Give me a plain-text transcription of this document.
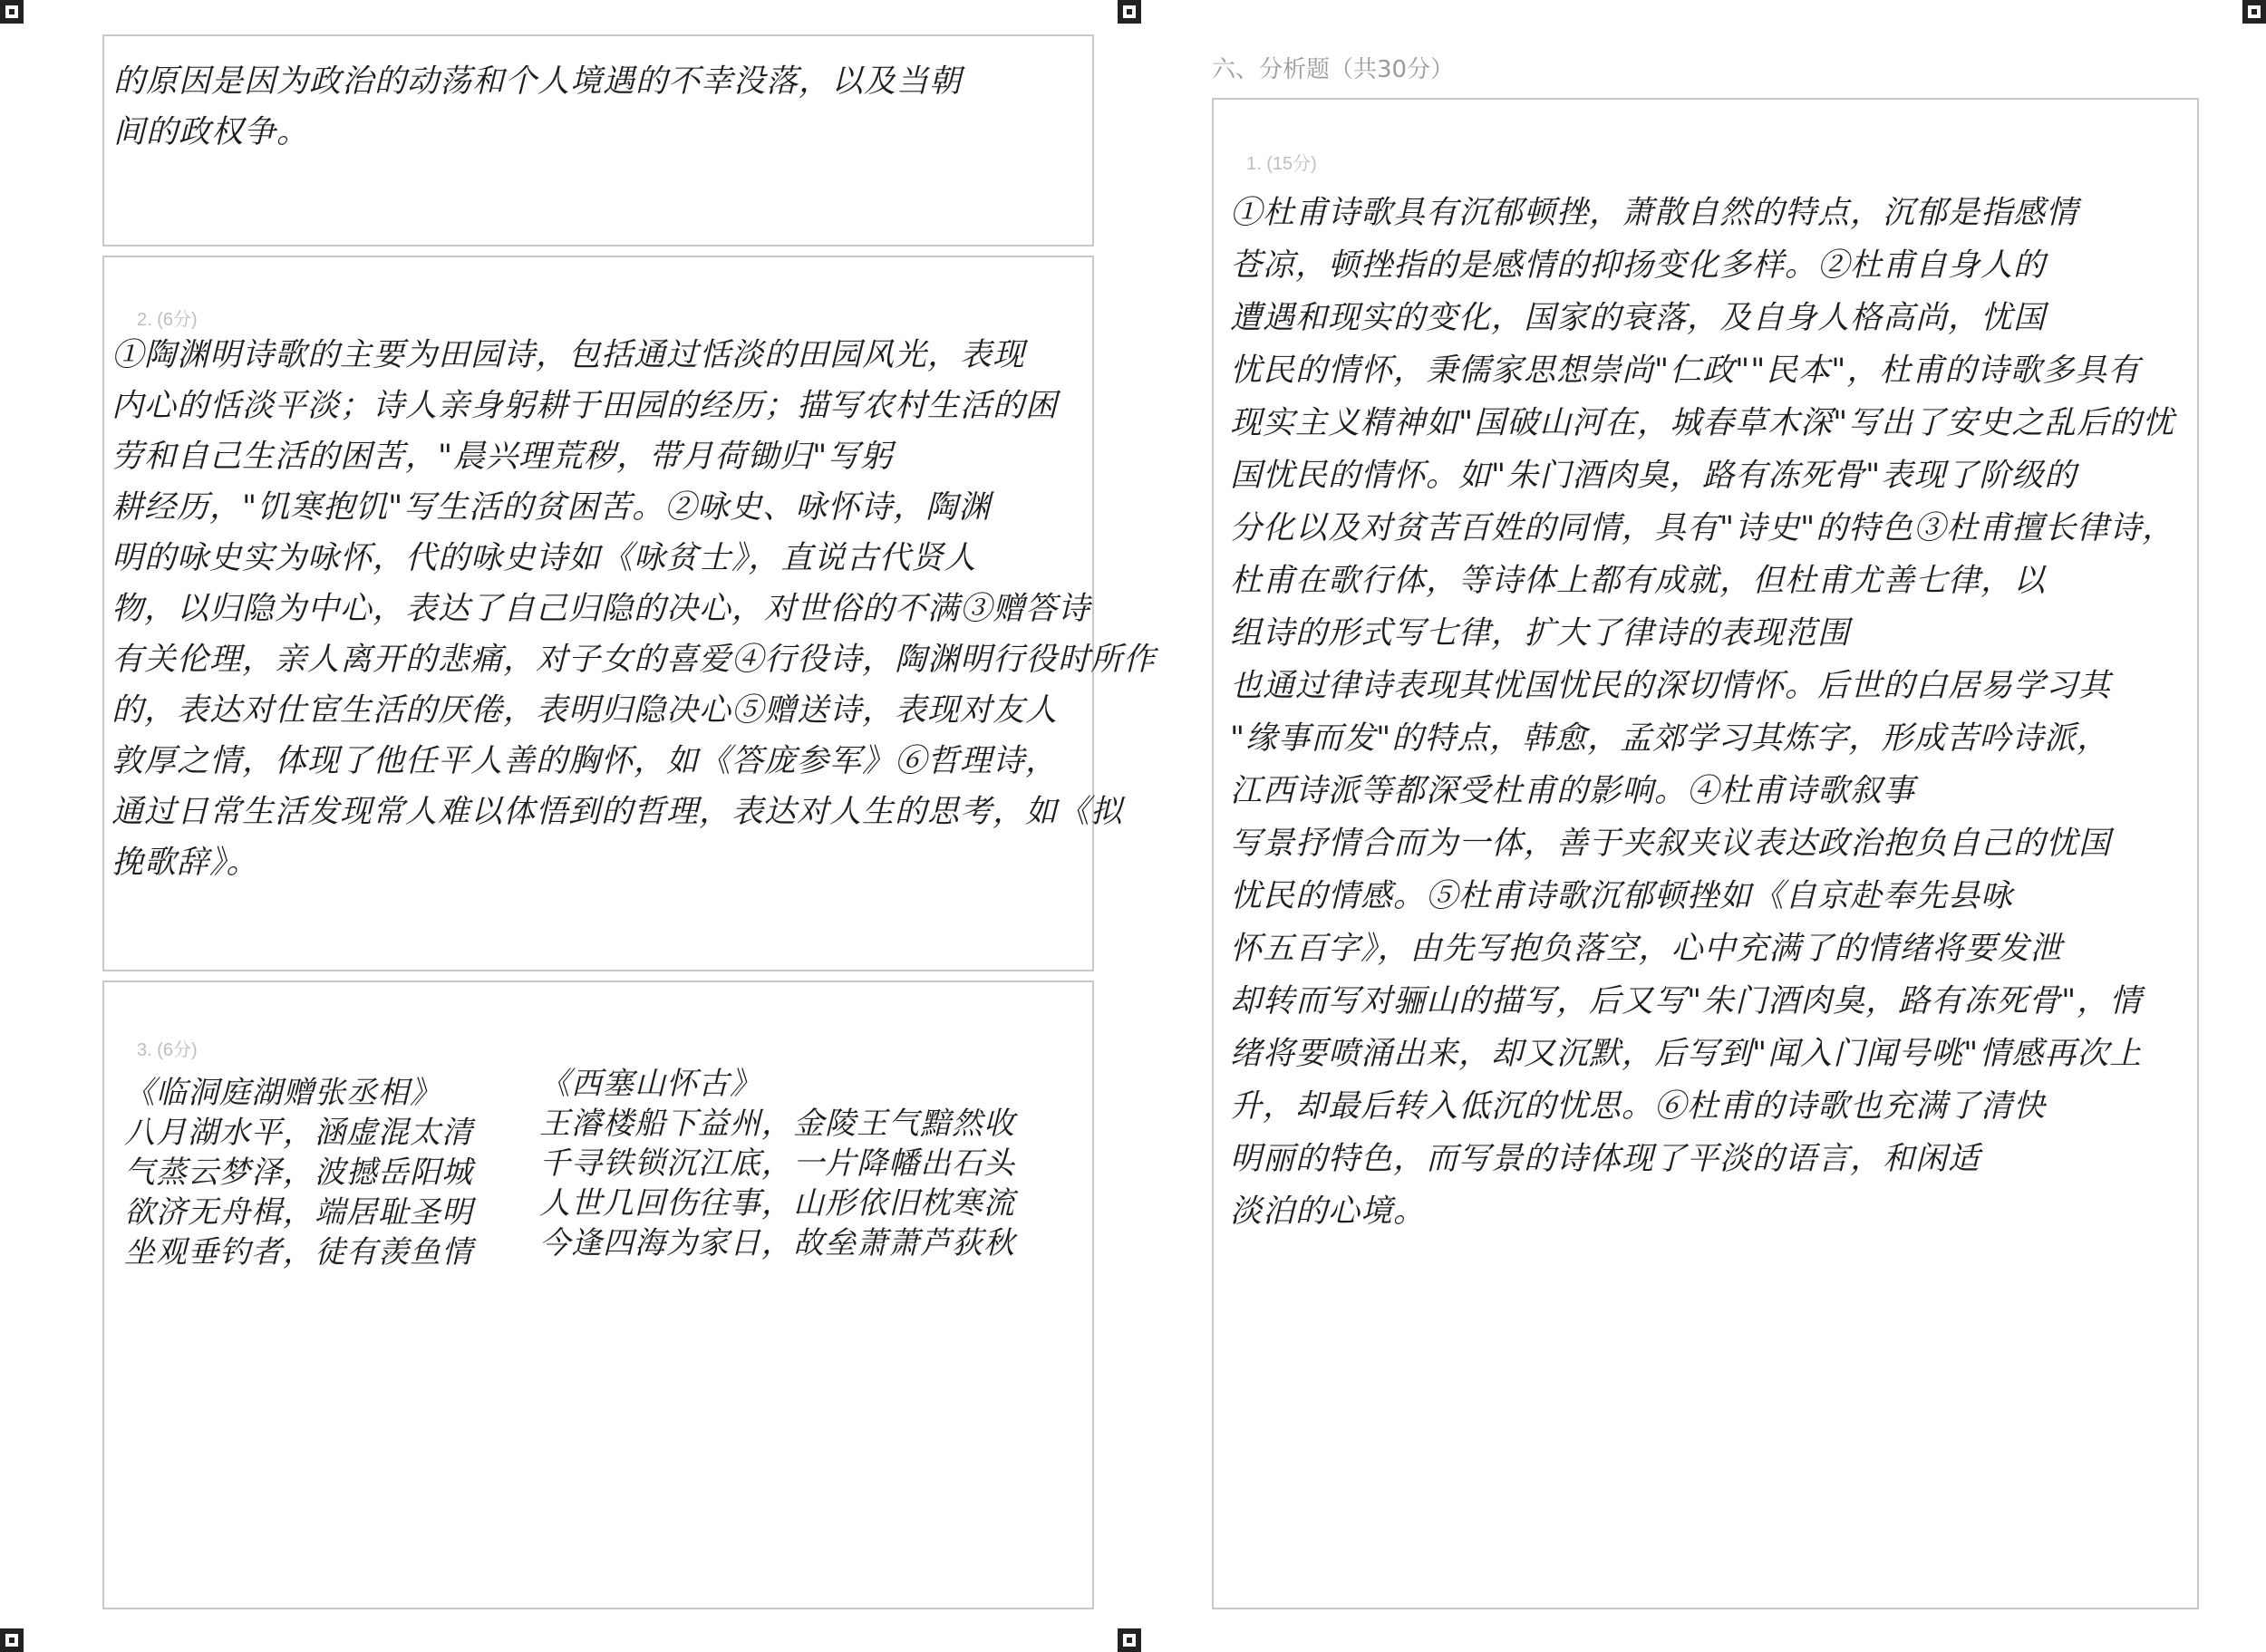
的原因是因为政治的动荡和个人境遇的不幸没落，以及当朝
间的政权争。
2. (6分)
①陶渊明诗歌的主要为田园诗，包括通过恬淡的田园风光，表现
内心的恬淡平淡；诗人亲身躬耕于田园的经历；描写农村生活的困
劳和自己生活的困苦，"晨兴理荒秽，带月荷锄归"写躬
耕经历，"饥寒抱饥"写生活的贫困苦。②咏史、咏怀诗，陶渊
明的咏史实为咏怀，代的咏史诗如《咏贫士》，直说古代贤人
物，以归隐为中心，表达了自己归隐的决心，对世俗的不满③赠答诗
有关伦理，亲人离开的悲痛，对子女的喜爱④行役诗，陶渊明行役时所作
的，表达对仕宦生活的厌倦，表明归隐决心⑤赠送诗，表现对友人
敦厚之情，体现了他任平人善的胸怀，如《答庞参军》⑥哲理诗，
通过日常生活发现常人难以体悟到的哲理，表达对人生的思考，如《拟
挽歌辞》。
3. (6分)
《临洞庭湖赠张丞相》
八月湖水平，涵虚混太清
气蒸云梦泽，波撼岳阳城
欲济无舟楫，端居耻圣明
坐观垂钓者，徒有羡鱼情
《西塞山怀古》
王濬楼船下益州，金陵王气黯然收
千寻铁锁沉江底，一片降幡出石头
人世几回伤往事，山形依旧枕寒流
今逢四海为家日，故垒萧萧芦荻秋
六、分析题（共30分）
1. (15分)
①杜甫诗歌具有沉郁顿挫，萧散自然的特点，沉郁是指感情
苍凉，顿挫指的是感情的抑扬变化多样。②杜甫自身人的
遭遇和现实的变化，国家的衰落，及自身人格高尚，忧国
忧民的情怀，秉儒家思想崇尚"仁政""民本"，杜甫的诗歌多具有
现实主义精神如"国破山河在，城春草木深"写出了安史之乱后的忧
国忧民的情怀。如"朱门酒肉臭，路有冻死骨"表现了阶级的
分化以及对贫苦百姓的同情，具有"诗史"的特色③杜甫擅长律诗，
杜甫在歌行体，等诗体上都有成就，但杜甫尤善七律，以
组诗的形式写七律，扩大了律诗的表现范围
也通过律诗表现其忧国忧民的深切情怀。后世的白居易学习其
"缘事而发"的特点，韩愈，孟郊学习其炼字，形成苦吟诗派，
江西诗派等都深受杜甫的影响。④杜甫诗歌叙事
写景抒情合而为一体，善于夹叙夹议表达政治抱负自己的忧国
忧民的情感。⑤杜甫诗歌沉郁顿挫如《自京赴奉先县咏
怀五百字》，由先写抱负落空，心中充满了的情绪将要发泄
却转而写对骊山的描写，后又写"朱门酒肉臭，路有冻死骨"，情
绪将要喷涌出来，却又沉默，后写到"闻入门闻号咷"情感再次上
升，却最后转入低沉的忧思。⑥杜甫的诗歌也充满了清快
明丽的特色，而写景的诗体现了平淡的语言，和闲适
淡泊的心境。
